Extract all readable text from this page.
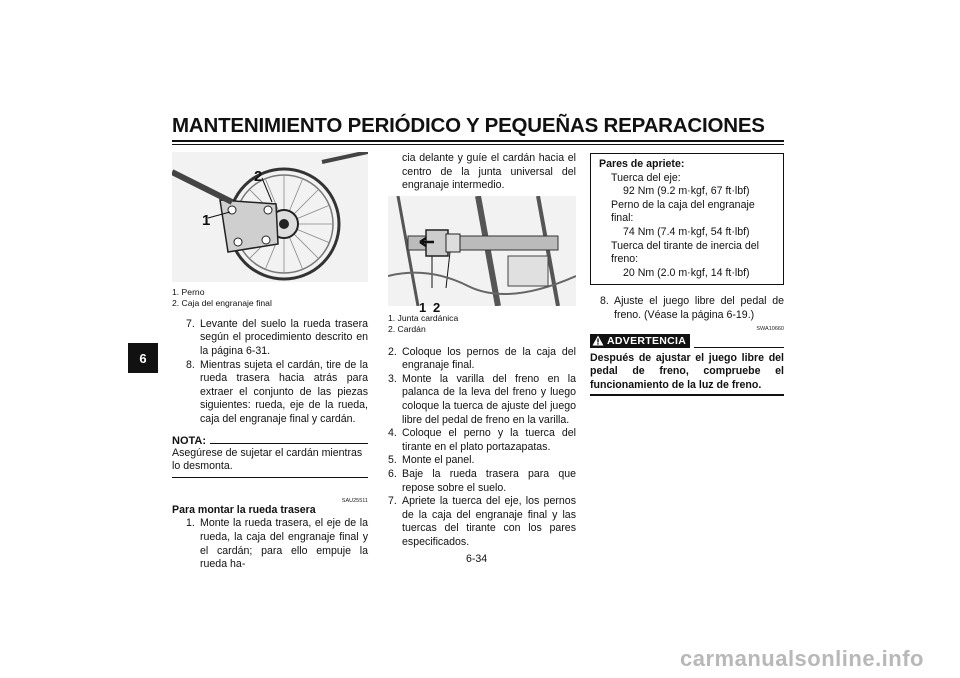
MANTENIMIENTO PERIÓDICO Y PEQUEÑAS REPARACIONES
6
1
2
1. Perno
2. Caja del engranaje final
7. Levante del suelo la rueda trasera según el procedimiento descrito en la página 6-31.
8. Mientras sujeta el cardán, tire de la rueda trasera hacia atrás para extraer el conjunto de las piezas siguientes: rueda, eje de la rueda, caja del engranaje final y cardán.
NOTA:
Asegúrese de sujetar el cardán mientras lo desmonta.
SAU25511
Para montar la rueda trasera
1. Monte la rueda trasera, el eje de la rueda, la caja del engranaje final y el cardán; para ello empuje la rueda ha-
cia delante y guíe el cardán hacia el centro de la junta universal del engranaje intermedio.
1 2
1. Junta cardánica
2. Cardán
2. Coloque los pernos de la caja del engranaje final.
3. Monte la varilla del freno en la palanca de la leva del freno y luego coloque la tuerca de ajuste del juego libre del pedal de freno en la varilla.
4. Coloque el perno y la tuerca del tirante en el plato portazapatas.
5. Monte el panel.
6. Baje la rueda trasera para que repose sobre el suelo.
7. Apriete la tuerca del eje, los pernos de la caja del engranaje final y las tuercas del tirante con los pares especificados.
Pares de apriete:
Tuerca del eje:
92 Nm (9.2 m·kgf, 67 ft·lbf)
Perno de la caja del engranaje final:
74 Nm (7.4 m·kgf, 54 ft·lbf)
Tuerca del tirante de inercia del freno:
20 Nm (2.0 m·kgf, 14 ft·lbf)
8. Ajuste el juego libre del pedal de freno. (Véase la página 6-19.)
SWA10660
ADVERTENCIA
Después de ajustar el juego libre del pedal de freno, compruebe el funcionamiento de la luz de freno.
6-34
carmanualsonline.info
